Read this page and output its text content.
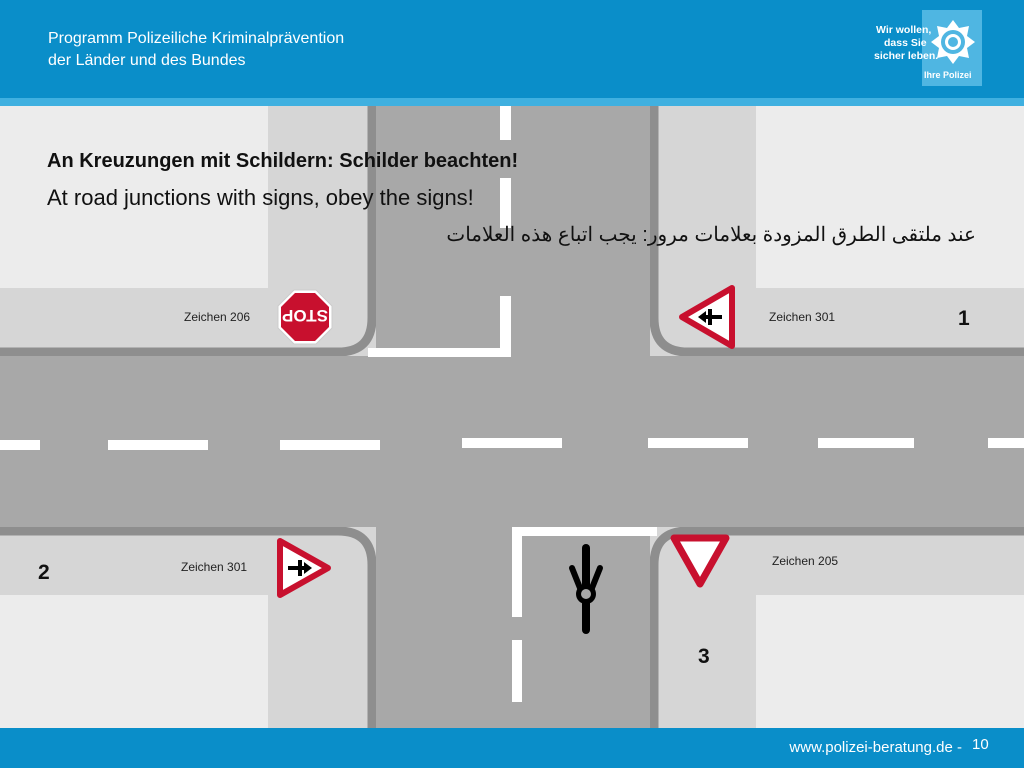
Programm Polizeiliche Kriminalprävention
der Länder und des Bundes
Wir wollen,
dass Sie
sicher leben.
Ihre Polizei
STOP
An Kreuzungen mit Schildern: Schilder beachten!
At road junctions with signs, obey the signs!
عند ملتقى الطرق المزودة بعلامات مرور: يجب اتباع هذه العلامات
Zeichen 206	Zeichen 301
Zeichen 301	Zeichen 205
1
2
3
www.polizei-beratung.de - 10
